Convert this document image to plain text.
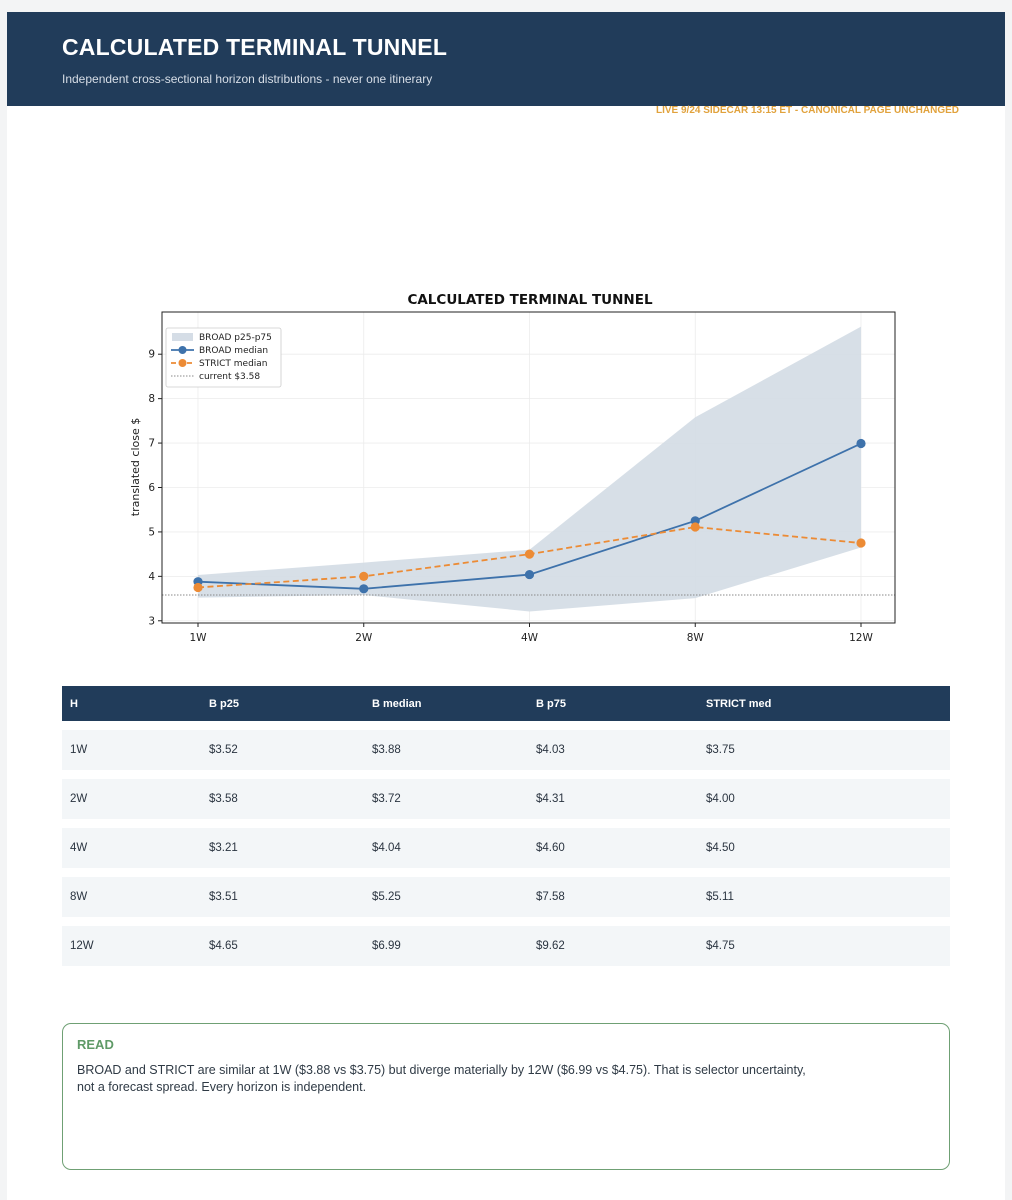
CALCULATED TERMINAL TUNNEL
Independent cross-sectional horizon distributions - never one itinerary
LIVE 9/24 SIDECAR 13:15 ET - CANONICAL PAGE UNCHANGED
CALCULATED TERMINAL TUNNEL
3
4
5
6
7
8
9
1W	2W	4W	8W	12W
translated close $
BROAD p25-p75
BROAD median
STRICT median
current $3.58
H	B p25	B median	B p75	STRICT med
1W	$3.52	$3.88	$4.03	$3.75
2W	$3.58	$3.72	$4.31	$4.00
4W	$3.21	$4.04	$4.60	$4.50
8W	$3.51	$5.25	$7.58	$5.11
12W	$4.65	$6.99	$9.62	$4.75
READ
BROAD and STRICT are similar at 1W ($3.88 vs $3.75) but diverge materially by 12W ($6.99 vs $4.75). That is selector uncertainty, not a forecast spread. Every horizon is independent.
